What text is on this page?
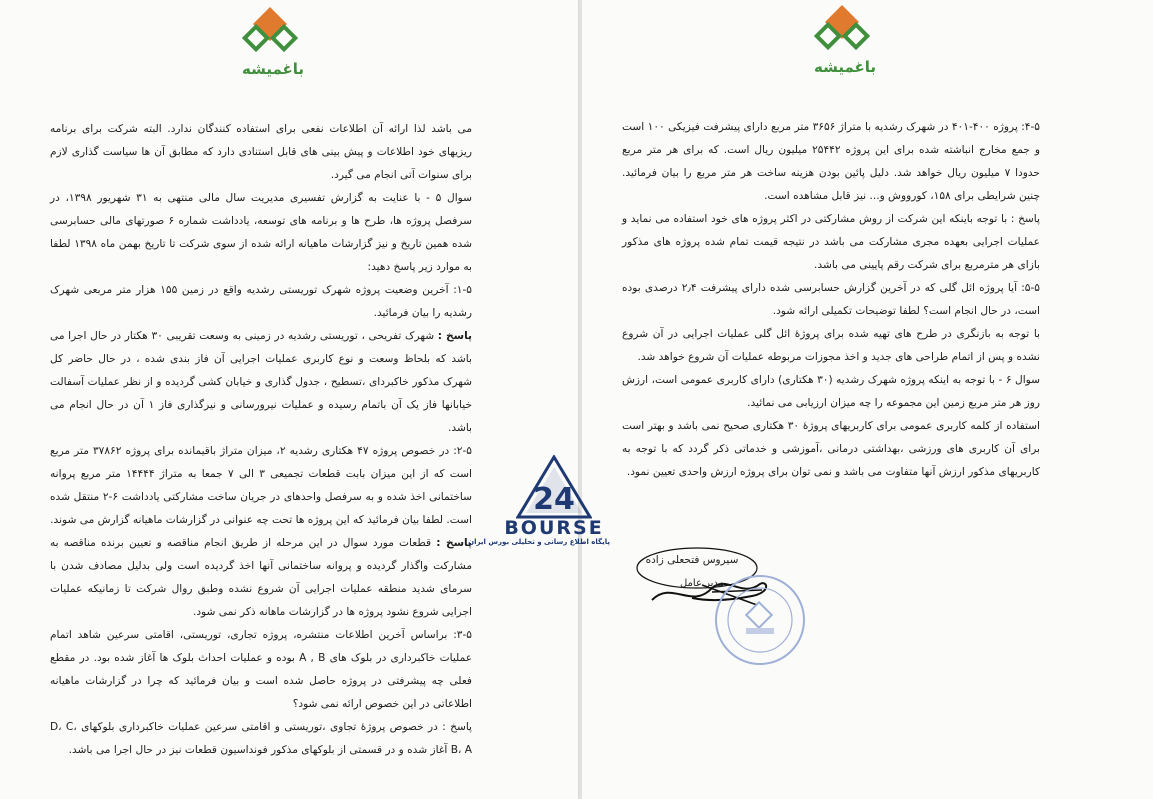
باغمیشه

می باشد لذا ارائه آن اطلاعات نفعی برای استفاده کنندگان ندارد. البته شرکت برای برنامه ریزیهای خود اطلاعات و پیش بینی های قابل استنادی دارد که مطابق آن ها سیاست گذاری لازم برای سنوات آتی انجام می گیرد.

سوال ۵ - با عنایت به گزارش تفسیری مدیریت سال مالی منتهی به ۳۱ شهریور ۱۳۹۸، در سرفصل پروژه ها، طرح ها و برنامه های توسعه، یادداشت شماره ۶ صورتهای مالی حسابرسی شده همین تاریخ و نیز گزارشات ماهیانه ارائه شده از سوی شرکت تا تاریخ بهمن ماه ۱۳۹۸ لطفا به موارد زیر پاسخ دهید:

۱-۵: آخرین وضعیت پروژه شهرک توریستی رشدیه واقع در زمین ۱۵۵ هزار متر مربعی شهرک رشدیه را بیان فرمائید.

پاسخ : شهرک تفریحی ، توریستی رشدیه در زمینی به وسعت تقریبی ۳۰ هکتار در حال اجرا می باشد که بلحاظ وسعت و نوع کاربری عملیات اجرایی آن فاز بندی شده ، در حال حاضر کل شهرک مذکور خاکبردای ،تسطیح ، جدول گذاری و خیابان کشی گردیده و از نظر عملیات آسفالت خیابانها فاز یک آن باتمام رسیده و عملیات نیرورسانی و نیرگذاری فاز ۱ آن در حال انجام می باشد.

۲-۵: در خصوص پروژه ۴۷ هکتاری رشدیه ۲، میزان متراژ باقیمانده برای پروژه ۳۷۸۶۲ متر مربع است که از این میزان بابت قطعات تجمیعی ۳ الی ۷ جمعا به متراژ ۱۴۴۴۴ متر مربع پروانه ساختمانی اخذ شده و به سرفصل واحدهای در جریان ساخت مشارکتی یادداشت ۶-۲ منتقل شده است. لطفا بیان فرمائید که این پروژه ها تحت چه عنوانی در گزارشات ماهیانه گزارش می شوند.

پاسخ : قطعات مورد سوال در این مرحله از طریق انجام مناقصه و تعیین برنده مناقصه به مشارکت واگذار گردیده و پروانه ساختمانی آنها اخذ گردیده است ولی بدلیل مصادف شدن با سرمای شدید منطقه عملیات اجرایی آن شروع نشده وطبق روال شرکت تا زمانیکه عملیات اجرایی شروع نشود پروژه ها در گزارشات ماهانه ذکر نمی شود.

۳-۵: براساس آخرین اطلاعات منتشره، پروژه تجاری، توریستی، اقامتی سرعین شاهد اتمام عملیات خاکبرداری در بلوک های A , B بوده و عملیات احداث بلوک ها آغاز شده بود. در مقطع فعلی چه پیشرفتی در پروژه حاصل شده است و بیان فرمائید که چرا در گزارشات ماهیانه اطلاعاتی در این خصوص ارائه نمی شود؟

پاسخ : در خصوص پروژهٔ تجاوی ،توریستی و اقامتی سرعین عملیات خاکبرداری بلوکهای D، C، B، A آغاز شده و در قسمتی از بلوکهای مذکور فونداسیون قطعات نیز در حال اجرا می باشد.

باغمیشه

۴-۵: پروژه ۴۰۰-۴۰۱ در شهرک رشدیه با متراژ ۳۶۵۶ متر مربع دارای پیشرفت فیزیکی ۱۰۰ است و جمع مخارج انباشته شده برای این پروژه ۲۵۴۴۲ میلیون ریال است. که برای هر متر مربع حدودا ۷ میلیون ریال خواهد شد. دلیل پائین بودن هزینه ساخت هر متر مربع را بیان فرمائید. چنین شرایطی برای ۱۵۸، کورووش و... نیز قابل مشاهده است.

پاسخ : با توجه باینکه این شرکت از روش مشارکتی در اکثر پروژه های خود استفاده می نماید و عملیات اجرایی بعهده مجری مشارکت می باشد در نتیجه قیمت تمام شده پروژه های مذکور بازای هر مترمربع برای شرکت رقم پایینی می باشد.

۵-۵: آیا پروژه ائل گلی که در آخرین گزارش حسابرسی شده دارای پیشرفت ۲٫۴ درصدی بوده است، در حال انجام است؟ لطفا توضیحات تکمیلی ارائه شود.

با توجه به بازنگری در طرح های تهیه شده برای پروژهٔ ائل گلی عملیات اجرایی در آن شروع نشده و پس از اتمام طراحی های جدید و اخذ مجوزات مربوطه عملیات آن شروع خواهد شد.

سوال ۶ - با توجه به اینکه پروژه شهرک رشدیه (۳۰ هکتاری) دارای کاربری عمومی است، ارزش روز هر متر مربع زمین این مجموعه را چه میزان ارزیابی می نمائید.

استفاده از کلمه کاربری عمومی برای کاربریهای پروژهٔ ۳۰ هکتاری صحیح نمی باشد و بهتر است برای آن کاربری های ورزشی ،بهداشتی درمانی ،آموزشی و خدماتی ذکر گردد که با توجه به کاربریهای مذکور ارزش آنها متفاوت می باشد و نمی توان برای پروژه ارزش واحدی تعیین نمود.

24
BOURSE
پایگاه اطلاع رسانی و تحلیلی بورس ایران
سیروس فتحعلی زاده
مدیر عامل
